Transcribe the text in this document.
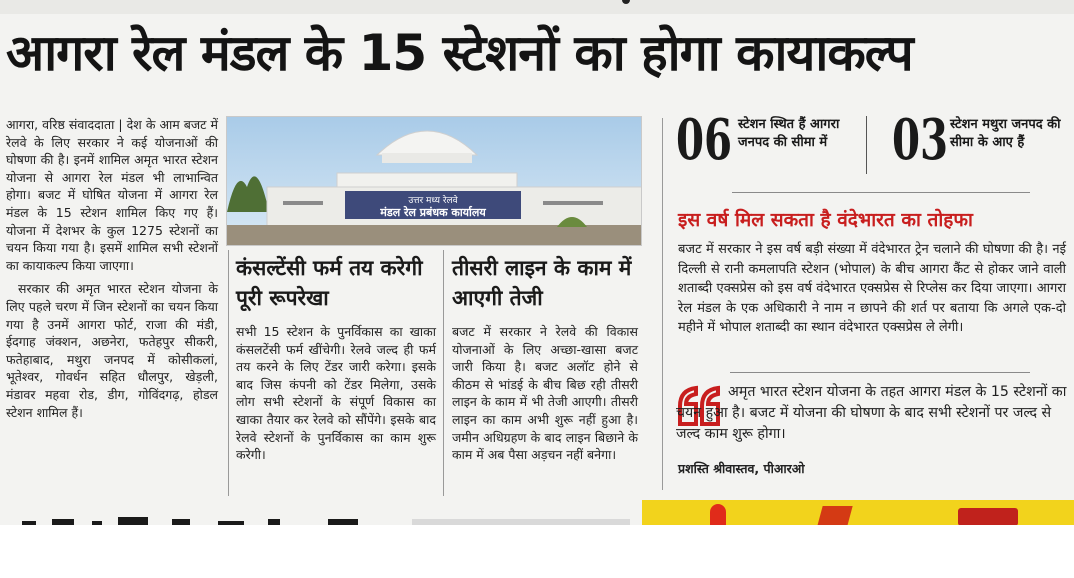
आगरा रेल मंडल के 15 स्टेशनों का होगा कायाकल्प

आगरा, वरिष्ठ संवाददाता | देश के आम बजट में रेलवे के लिए सरकार ने कई योजनाओं की घोषणा की है। इनमें शामिल अमृत भारत स्टेशन योजना से आगरा रेल मंडल भी लाभान्वित होगा। बजट में घोषित योजना में आगरा रेल मंडल के 15 स्टेशन शामिल किए गए हैं। योजना में देशभर के कुल 1275 स्टेशनों का चयन किया गया है। इसमें शामिल सभी स्टेशनों का कायाकल्प किया जाएगा।

सरकार की अमृत भारत स्टेशन योजना के लिए पहले चरण में जिन स्टेशनों का चयन किया गया है उनमें आगरा फोर्ट, राजा की मंडी, ईदगाह जंक्शन, अछनेरा, फतेहपुर सीकरी, फतेहाबाद, मथुरा जनपद में कोसीकलां, भूतेश्वर, गोवर्धन सहित धौलपुर, खेड़ली, मंडावर महवा रोड, डीग, गोविंदगढ़, होडल स्टेशन शामिल हैं।

उत्तर मध्य रेलवे
मंडल रेल प्रबंधक कार्यालय
कंसल्टेंसी फर्म तय करेगी पूरी रूपरेखा
तीसरी लाइन के काम में आएगी तेजी

सभी 15 स्टेशन के पुनर्विकास का खाका कंसलटेंसी फर्म खींचेगी। रेलवे जल्द ही फर्म तय करने के लिए टेंडर जारी करेगा। इसके बाद जिस कंपनी को टेंडर मिलेगा, उसके लोग सभी स्टेशनों के संपूर्ण विकास का खाका तैयार कर रेलवे को सौंपेंगे। इसके बाद रेलवे स्टेशनों के पुनर्विकास का काम शुरू करेगी।

बजट में सरकार ने रेलवे की विकास योजनाओं के लिए अच्छा-खासा बजट जारी किया है। बजट अलॉट होने से कीठम से भांडई के बीच बिछ रही तीसरी लाइन के काम में भी तेजी आएगी। तीसरी लाइन का काम अभी शुरू नहीं हुआ है। जमीन अधिग्रहण के बाद लाइन बिछाने के काम में अब पैसा अड़चन नहीं बनेगा।

06 स्टेशन स्थित हैं आगरा जनपद की सीमा में	03 स्टेशन मथुरा जनपद की सीमा के आए हैं
इस वर्ष मिल सकता है वंदेभारत का तोहफा

बजट में सरकार ने इस वर्ष बड़ी संख्या में वंदेभारत ट्रेन चलाने की घोषणा की है। नई दिल्ली से रानी कमलापति स्टेशन (भोपाल) के बीच आगरा कैंट से होकर जाने वाली शताब्दी एक्सप्रेस को इस वर्ष वंदेभारत एक्सप्रेस से रिप्लेस कर दिया जाएगा। आगरा रेल मंडल के एक अधिकारी ने नाम न छापने की शर्त पर बताया कि अगले एक-दो महीने में भोपाल शताब्दी का स्थान वंदेभारत एक्सप्रेस ले लेगी।

अमृत भारत स्टेशन योजना के तहत आगरा मंडल के 15 स्टेशनों का चयन हुआ है। बजट में योजना की घोषणा के बाद सभी स्टेशनों पर जल्द से जल्द काम शुरू होगा।

प्रशस्ति श्रीवास्तव, पीआरओ
